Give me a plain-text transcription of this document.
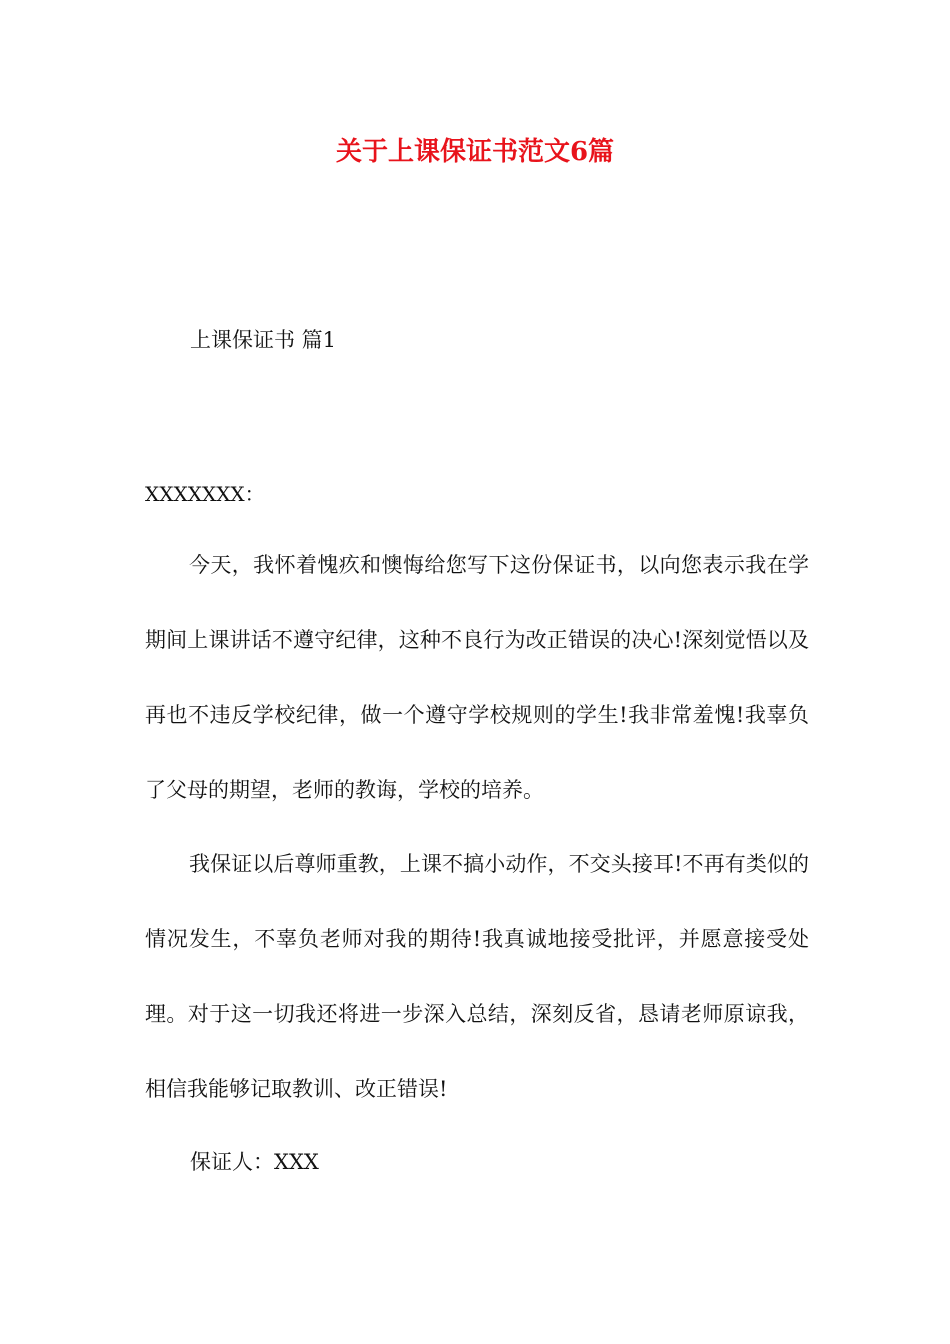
关于上课保证书范文6篇
上课保证书 篇1

XXXXXXX：

今天，我怀着愧疚和懊悔给您写下这份保证书，以向您表示我在学期间上课讲话不遵守纪律，这种不良行为改正错误的决心!深刻觉悟以及再也不违反学校纪律，做一个遵守学校规则的学生!我非常羞愧!我辜负了父母的期望，老师的教诲，学校的培养。

我保证以后尊师重教，上课不搞小动作，不交头接耳!不再有类似的情况发生，不辜负老师对我的期待!我真诚地接受批评，并愿意接受处理。对于这一切我还将进一步深入总结，深刻反省，恳请老师原谅我，相信我能够记取教训、改正错误!

保证人：XXX
